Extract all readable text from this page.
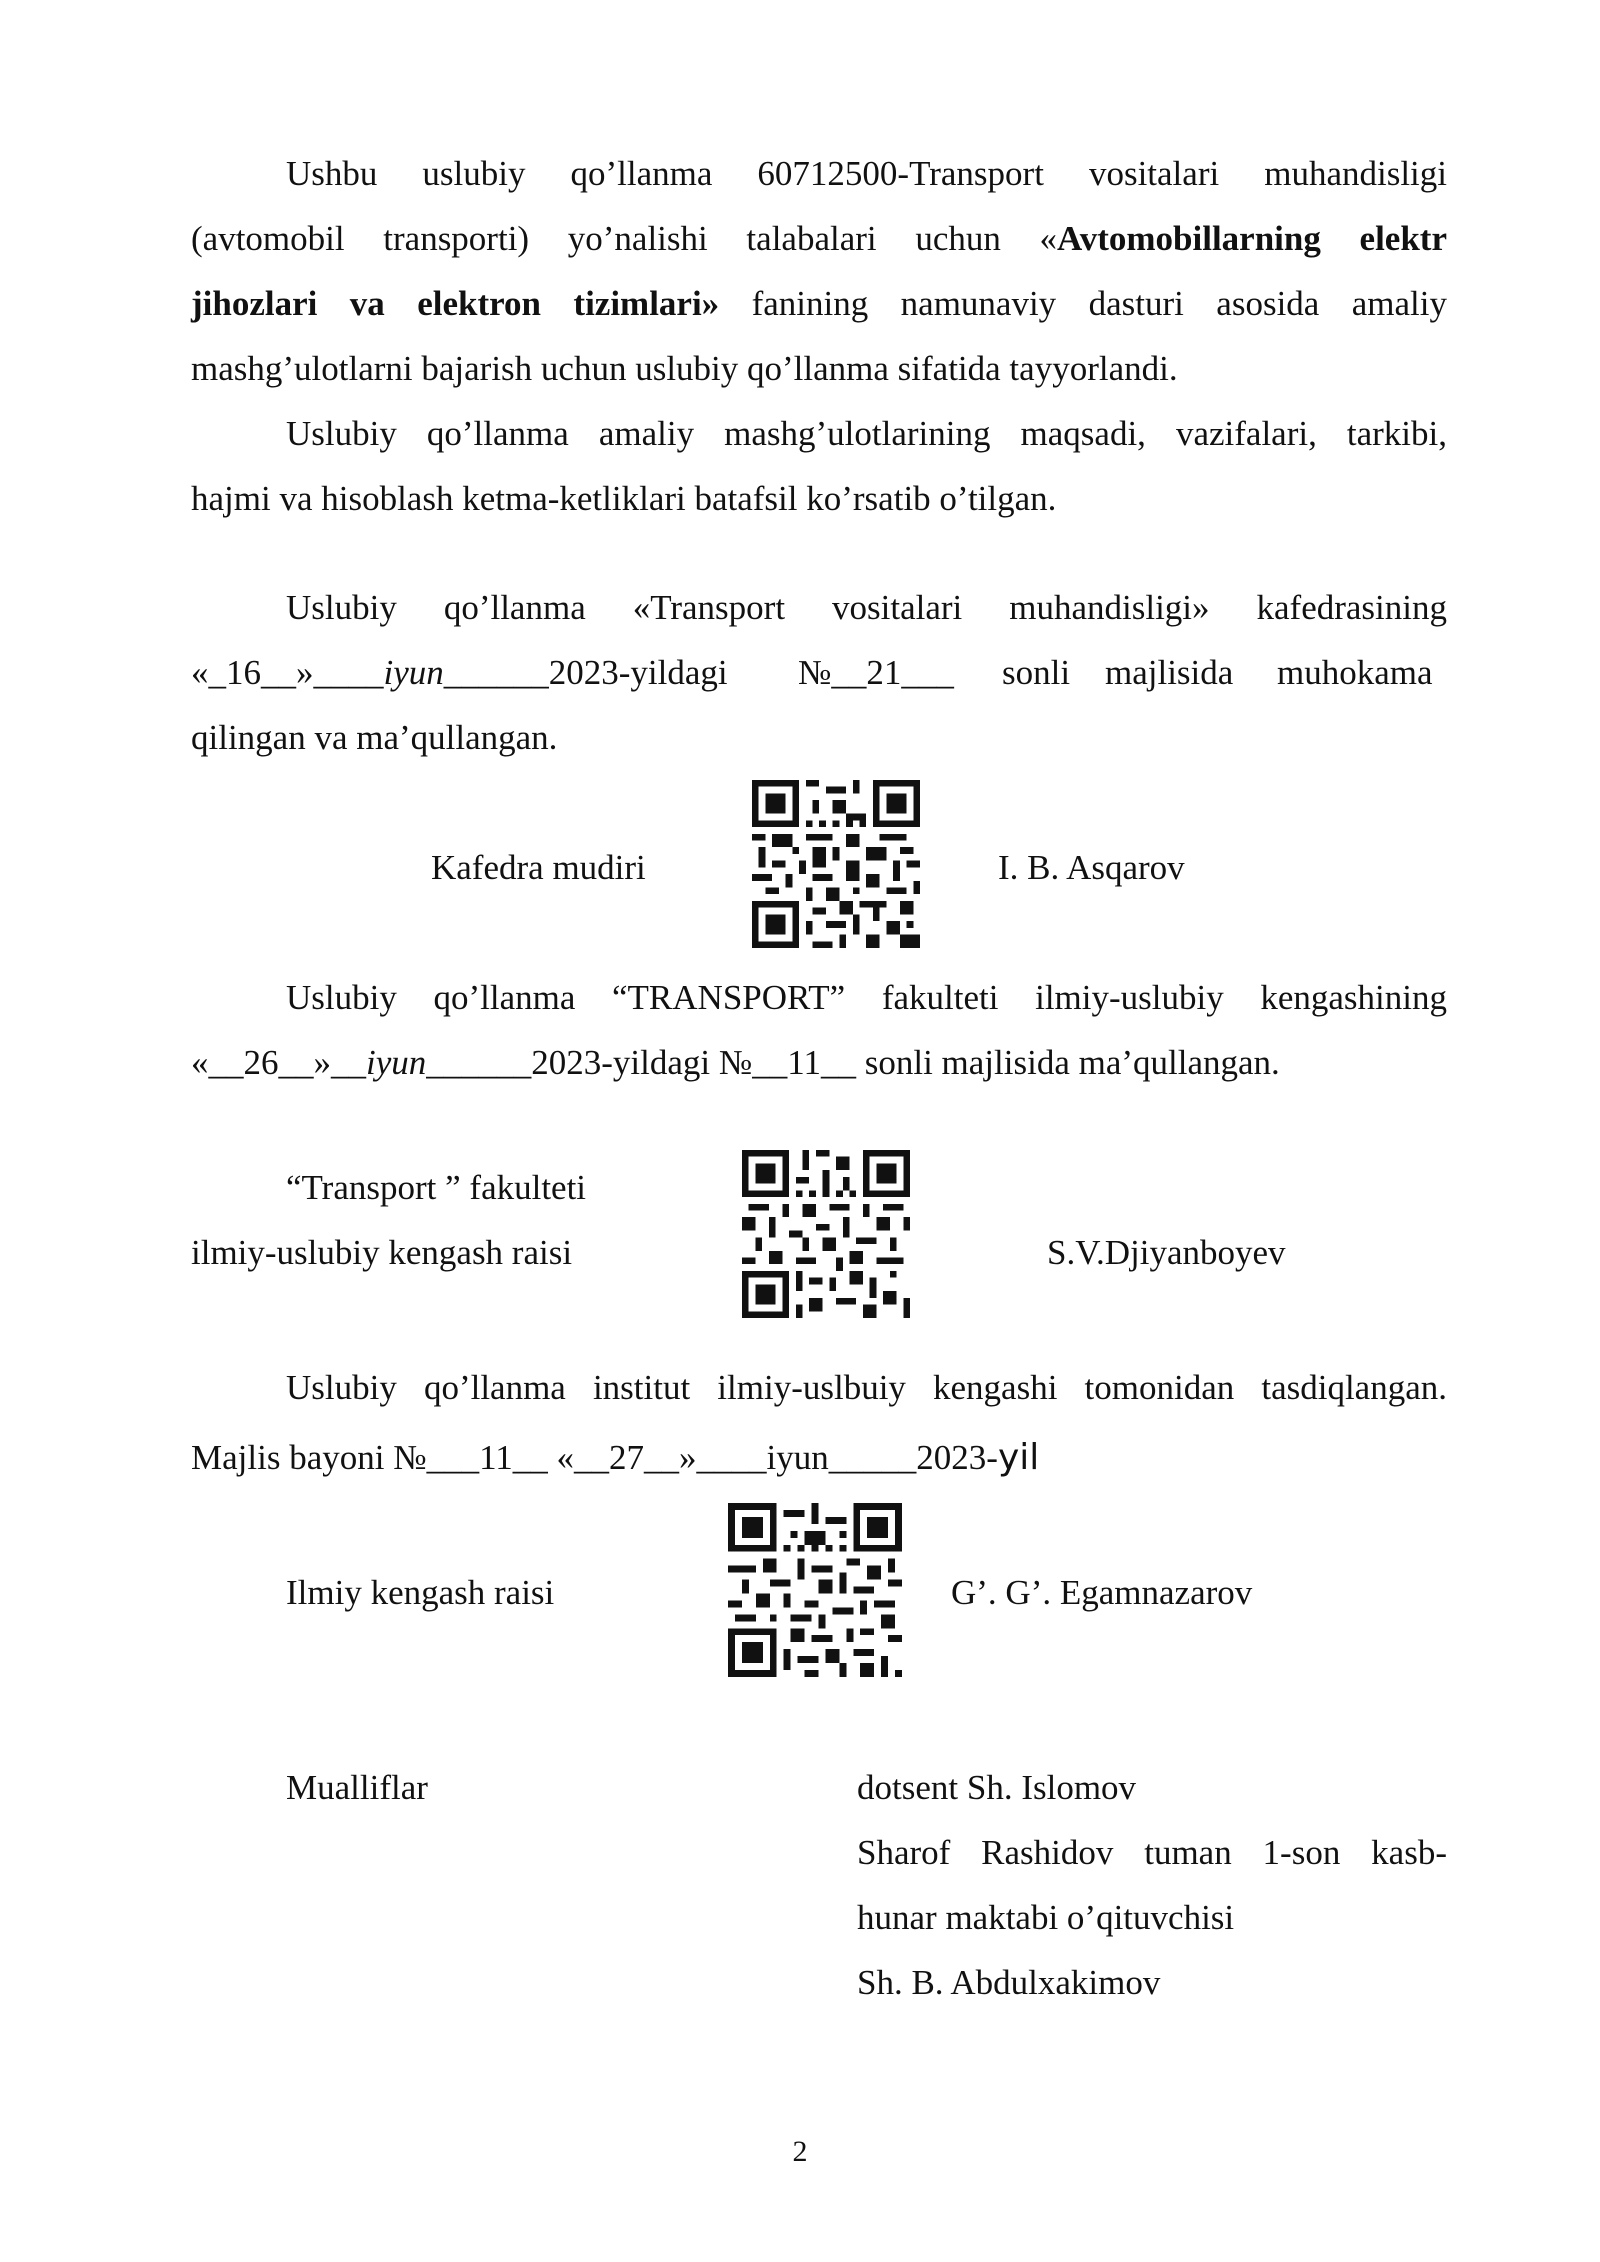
Ushbu uslubiy qo’llanma 60712500-Transport vositalari muhandisligi
(avtomobil transporti) yo’nalishi talabalari uchun «Avtomobillarning elektr
jihozlari va elektron tizimlari» fanining namunaviy dasturi asosida amaliy
mashg’ulotlarni bajarish uchun uslubiy qo’llanma sifatida tayyorlandi.
Uslubiy qo’llanma amaliy mashg’ulotlarining maqsadi, vazifalari, tarkibi,
hajmi va hisoblash ketma-ketliklari batafsil ko’rsatib o’tilgan.
Uslubiy qo’llanma «Transport vositalari muhandisligi» kafedrasining
«_16__»____iyun______2023-yildagi №__21___ sonli majlisida muhokama
qilingan va ma’qullangan.
Kafedra mudiri	I. B. Asqarov
Uslubiy qo’llanma “TRANSPORT” fakulteti ilmiy-uslubiy kengashining
«__26__»__iyun______2023-yildagi №__11__ sonli majlisida ma’qullangan.
“Transport ” fakulteti
ilmiy-uslubiy kengash raisi	S.V.Djiyanboyev
Uslubiy qo’llanma institut ilmiy-uslbuiy kengashi tomonidan tasdiqlangan.
Majlis bayoni №___11__ «__27__»____iyun_____2023-yil
Ilmiy kengash raisi	G’. G’. Egamnazarov
Mualliflar	dotsent Sh. Islomov
Sharof Rashidov tuman 1-son kasb-
hunar maktabi o’qituvchisi
Sh. B. Abdulxakimov
2
